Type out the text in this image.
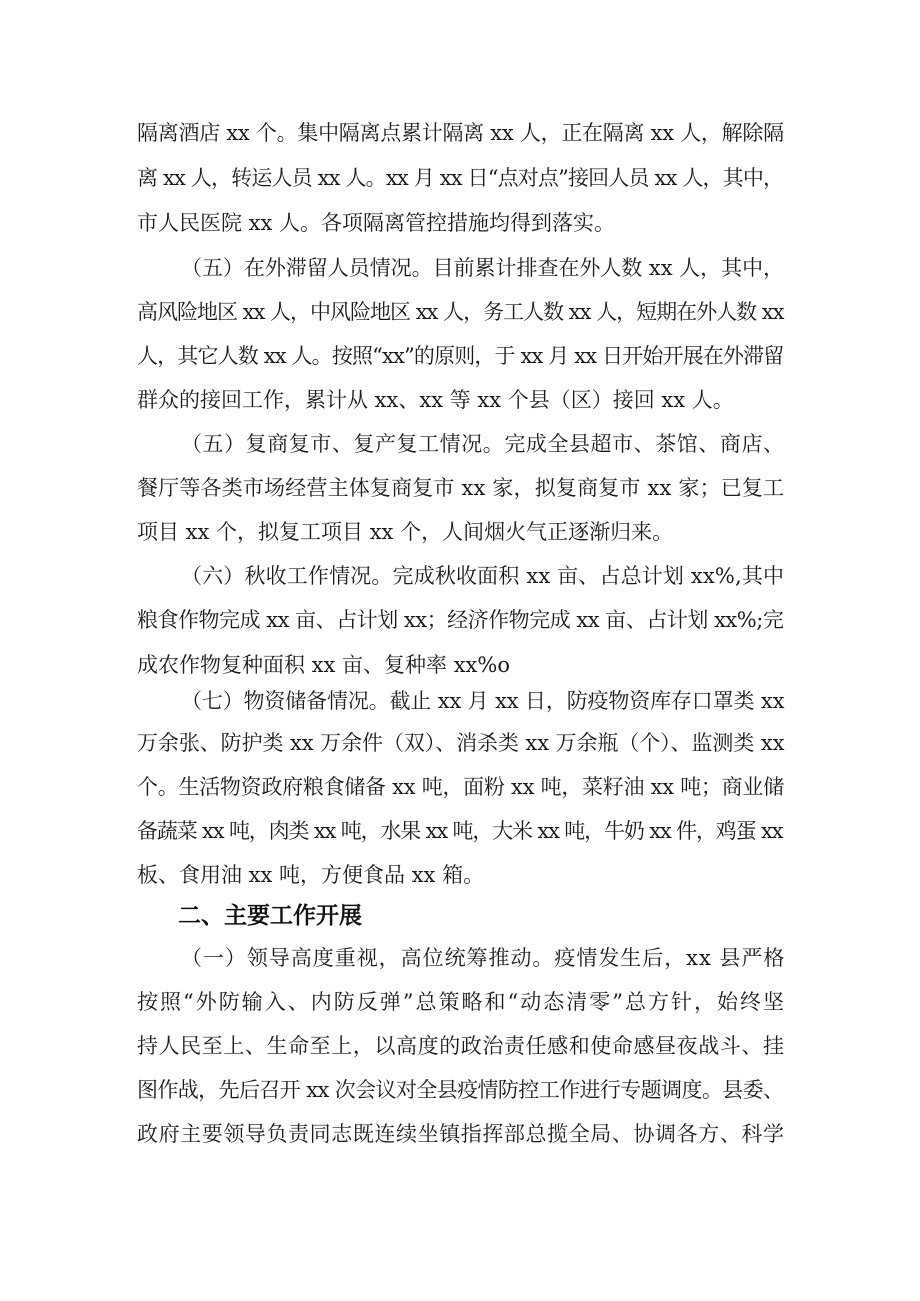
隔离酒店 xx 个。集中隔离点累计隔离 xx 人，正在隔离 xx 人，解除隔
离 xx 人，转运人员 xx 人。xx 月 xx 日“点对点”接回人员 xx 人，其中，
市人民医院 xx 人。各项隔离管控措施均得到落实。
（五）在外滞留人员情况。目前累计排查在外人数 xx 人，其中，
高风险地区 xx 人，中风险地区 xx 人，务工人数 xx 人，短期在外人数 xx
人，其它人数 xx 人。按照“xx”的原则，于 xx 月 xx 日开始开展在外滞留
群众的接回工作，累计从 xx、xx 等 xx 个县（区）接回 xx 人。
（五）复商复市、复产复工情况。完成全县超市、茶馆、商店、
餐厅等各类市场经营主体复商复市 xx 家，拟复商复市 xx 家；已复工
项目 xx 个，拟复工项目 xx 个，人间烟火气正逐渐归来。
（六）秋收工作情况。完成秋收面积 xx 亩、占总计划 xx%,其中
粮食作物完成 xx 亩、占计划 xx；经济作物完成 xx 亩、占计划 xx%;完
成农作物复种面积 xx 亩、复种率 xx%o
（七）物资储备情况。截止 xx 月 xx 日，防疫物资库存口罩类 xx
万余张、防护类 xx 万余件（双）、消杀类 xx 万余瓶（个）、监测类 xx
个。生活物资政府粮食储备 xx 吨，面粉 xx 吨，菜籽油 xx 吨；商业储
备蔬菜 xx 吨，肉类 xx 吨，水果 xx 吨，大米 xx 吨，牛奶 xx 件，鸡蛋 xx
板、食用油 xx 吨，方便食品 xx 箱。
二、主要工作开展
（一）领导高度重视，高位统筹推动。疫情发生后，xx 县严格
按照“外防输入、内防反弹”总策略和“动态清零”总方针，始终坚
持人民至上、生命至上，以高度的政治责任感和使命感昼夜战斗、挂
图作战，先后召开 xx 次会议对全县疫情防控工作进行专题调度。县委、
政府主要领导负责同志既连续坐镇指挥部总揽全局、协调各方、科学
